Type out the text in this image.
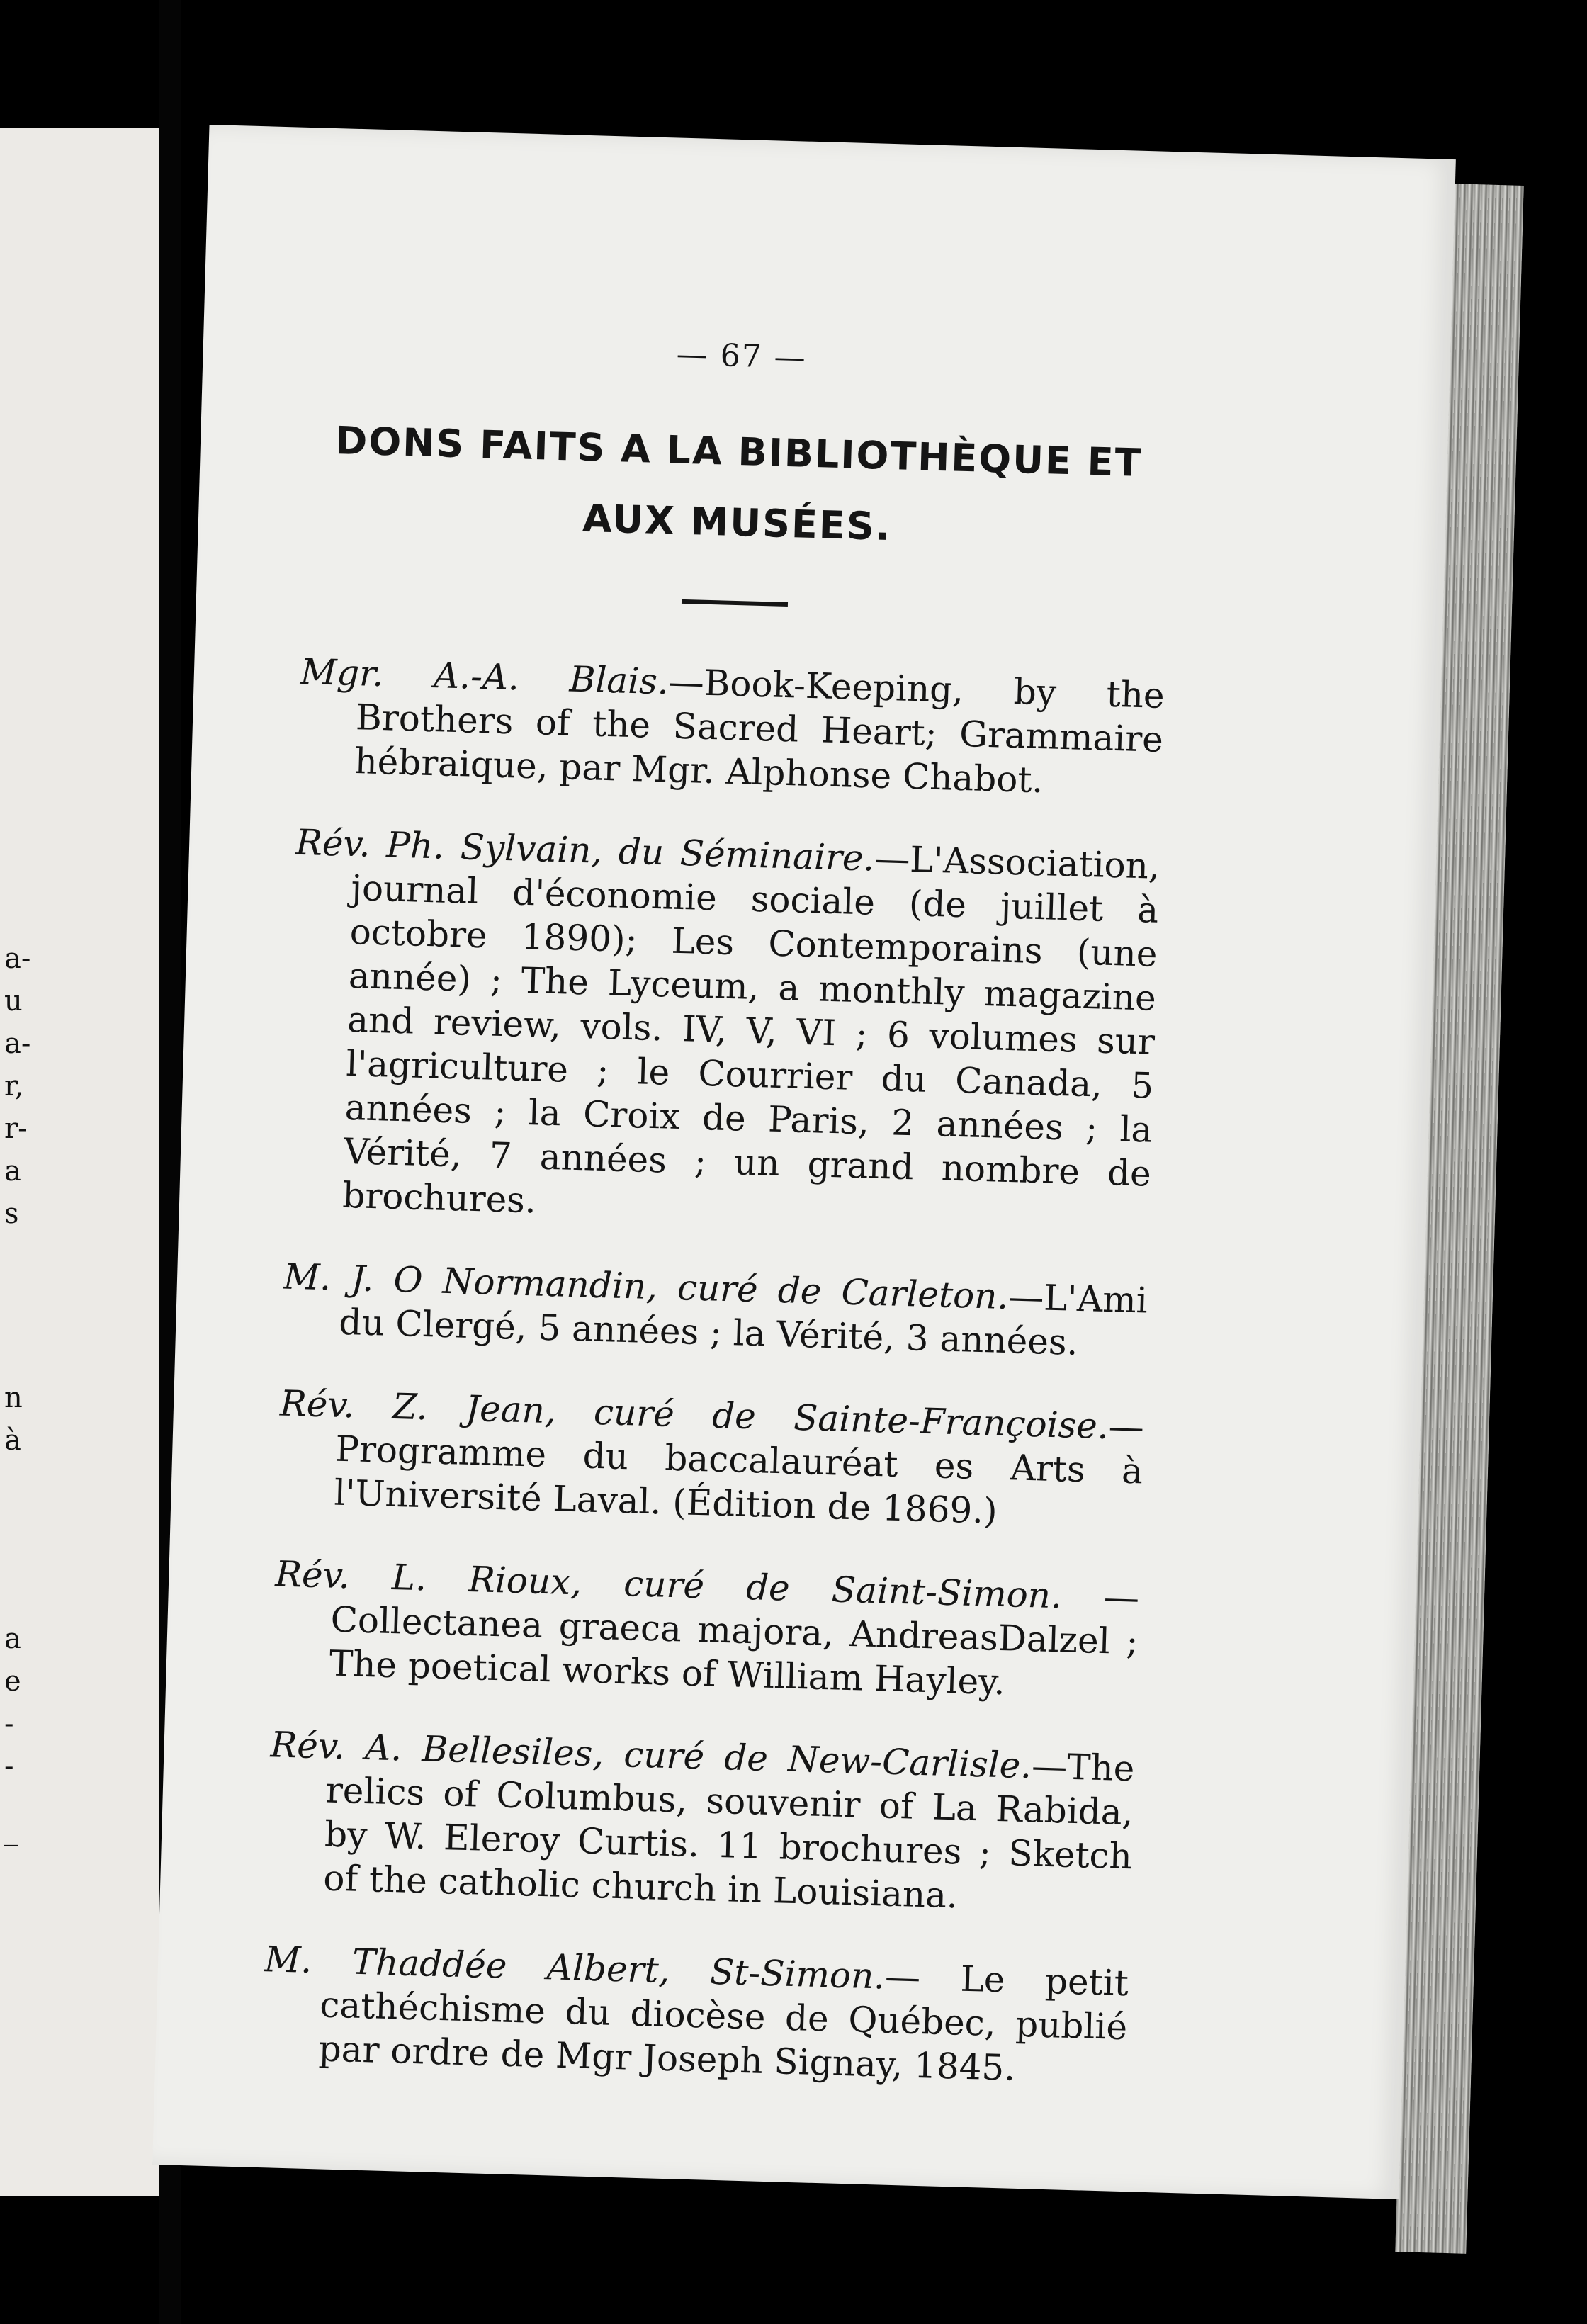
a-
u
a-
r,
r-
a
s
n
à
a
e
-
-
_
— 67 —
DONS FAITS A LA BIBLIOTHÈQUE ET
AUX MUSÉES.

Mgr. A.-A. Blais.—Book-Keeping, by the Brothers of the Sacred Heart; Grammaire hébraique, par Mgr. Alphonse Chabot.

Rév. Ph. Sylvain, du Séminaire.—L'Association, journal d'économie sociale (de juillet à octobre 1890); Les Contemporains (une année) ; The Lyceum, a monthly magazine and review, vols. IV, V, VI ; 6 volumes sur l'agriculture ; le Courrier du Canada, 5 années ; la Croix de Paris, 2 années ; la Vérité, 7 années ; un grand nombre de brochures.

M. J. O Normandin, curé de Carleton.—L'Ami du Clergé, 5 années ; la Vérité, 3 années.

Rév. Z. Jean, curé de Sainte-Françoise.— Programme du baccalauréat es Arts à l'Université Laval. (Édition de 1869.)

Rév. L. Rioux, curé de Saint-Simon. — Collectanea graeca majora, AndreasDalzel ; The poetical works of William Hayley.

Rév. A. Bellesiles, curé de New-Carlisle.—The relics of Columbus, souvenir of La Rabida, by W. Eleroy Curtis. 11 brochures ; Sketch of the catholic church in Louisiana.

M. Thaddée Albert, St-Simon.— Le petit cathéchisme du diocèse de Québec, publié par ordre de Mgr Joseph Signay, 1845.
